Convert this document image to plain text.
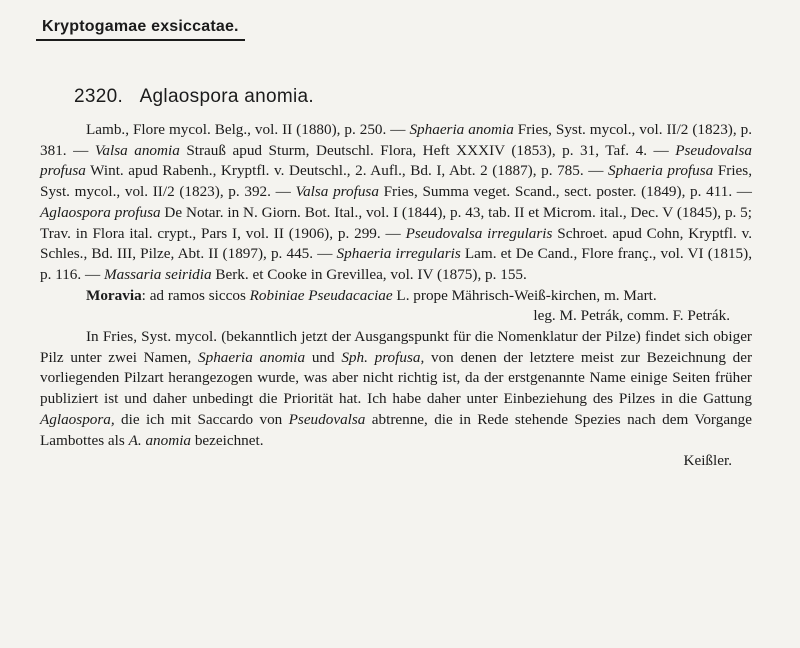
Kryptogamae exsiccatae.
2320. Aglaospora anomia.

Lamb., Flore mycol. Belg., vol. II (1880), p. 250. — Sphaeria anomia Fries, Syst. mycol., vol. II/2 (1823), p. 381. — Valsa anomia Strauß apud Sturm, Deutschl. Flora, Heft XXXIV (1853), p. 31, Taf. 4. — Pseudovalsa profusa Wint. apud Rabenh., Kryptfl. v. Deutschl., 2. Aufl., Bd. I, Abt. 2 (1887), p. 785. — Sphaeria profusa Fries, Syst. mycol., vol. II/2 (1823), p. 392. — Valsa profusa Fries, Summa veget. Scand., sect. poster. (1849), p. 411. — Aglaospora profusa De Notar. in N. Giorn. Bot. Ital., vol. I (1844), p. 43, tab. II et Microm. ital., Dec. V (1845), p. 5; Trav. in Flora ital. crypt., Pars I, vol. II (1906), p. 299. — Pseudovalsa irregularis Schroet. apud Cohn, Kryptfl. v. Schles., Bd. III, Pilze, Abt. II (1897), p. 445. — Sphaeria irregularis Lam. et De Cand., Flore franç., vol. VI (1815), p. 116. — Massaria seiridia Berk. et Cooke in Grevillea, vol. IV (1875), p. 155.

Moravia: ad ramos siccos Robiniae Pseudacaciae L. prope Mährisch-Weiß-kirchen, m. Mart.

leg. M. Petrák, comm. F. Petrák.

In Fries, Syst. mycol. (bekanntlich jetzt der Ausgangspunkt für die Nomenklatur der Pilze) findet sich obiger Pilz unter zwei Namen, Sphaeria anomia und Sph. profusa, von denen der letztere meist zur Bezeichnung der vorliegenden Pilzart herangezogen wurde, was aber nicht richtig ist, da der erstgenannte Name einige Seiten früher publiziert ist und daher unbedingt die Priorität hat. Ich habe daher unter Einbeziehung des Pilzes in die Gattung Aglaospora, die ich mit Saccardo von Pseudovalsa abtrenne, die in Rede stehende Spezies nach dem Vorgange Lambottes als A. anomia bezeichnet.

Keißler.
